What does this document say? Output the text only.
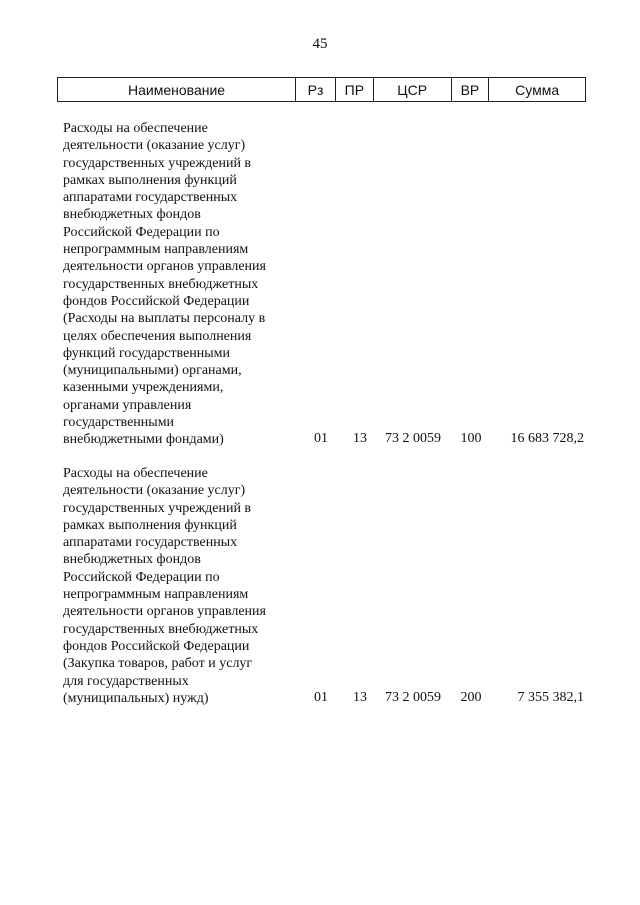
45
Наименование	Рз	ПР	ЦСР	ВР	Сумма
Расходы на обеспечение
деятельности (оказание услуг)
государственных учреждений в
рамках выполнения функций
аппаратами государственных
внебюджетных фондов
Российской Федерации по
непрограммным направлениям
деятельности органов управления
государственных внебюджетных
фондов Российской Федерации
(Расходы на выплаты персоналу в
целях обеспечения выполнения
функций государственными
(муниципальными) органами,
казенными учреждениями,
органами управления
государственными
внебюджетными фондами)	01	13	73 2 0059	100	16 683 728,2
Расходы на обеспечение
деятельности (оказание услуг)
государственных учреждений в
рамках выполнения функций
аппаратами государственных
внебюджетных фондов
Российской Федерации по
непрограммным направлениям
деятельности органов управления
государственных внебюджетных
фондов Российской Федерации
(Закупка товаров, работ и услуг
для государственных
(муниципальных) нужд)	01	13	73 2 0059	200	7 355 382,1
